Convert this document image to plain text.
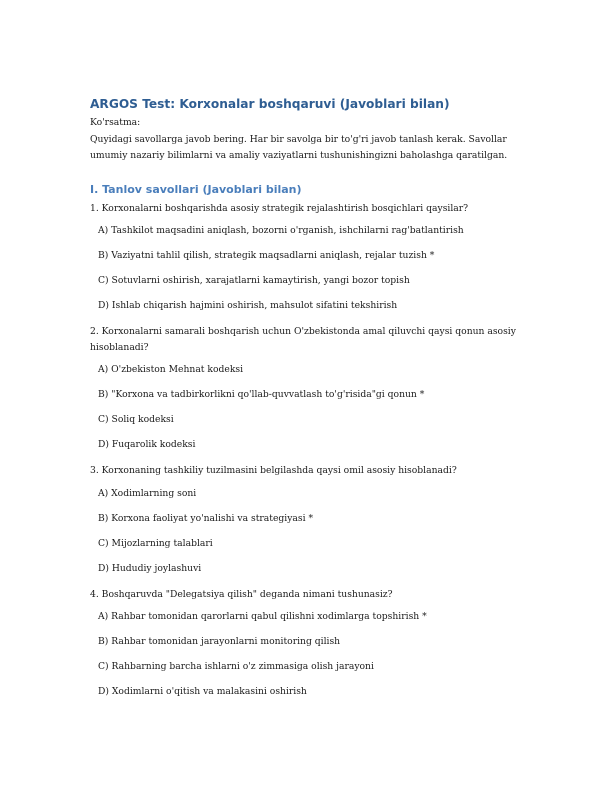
ARGOS Test: Korxonalar boshqaruvi (Javoblari bilan)
Ko'rsatma:
Quyidagi savollarga javob bering. Har bir savolga bir to'g'ri javob tanlash kerak. Savollar umumiy nazariy bilimlarni va amaliy vaziyatlarni tushunishingizni baholashga qaratilgan.
I. Tanlov savollari (Javoblari bilan)
1. Korxonalarni boshqarishda asosiy strategik rejalashtirish bosqichlari qaysilar?
A) Tashkilot maqsadini aniqlash, bozorni o'rganish, ishchilarni rag'batlantirish
B) Vaziyatni tahlil qilish, strategik maqsadlarni aniqlash, rejalar tuzish *
C) Sotuvlarni oshirish, xarajatlarni kamaytirish, yangi bozor topish
D) Ishlab chiqarish hajmini oshirish, mahsulot sifatini tekshirish
2. Korxonalarni samarali boshqarish uchun O'zbekistonda amal qiluvchi qaysi qonun asosiy hisoblanadi?
A) O'zbekiston Mehnat kodeksi
B) "Korxona va tadbirkorlikni qo'llab-quvvatlash to'g'risida"gi qonun *
C) Soliq kodeksi
D) Fuqarolik kodeksi
3. Korxonaning tashkiliy tuzilmasini belgilashda qaysi omil asosiy hisoblanadi?
A) Xodimlarning soni
B) Korxona faoliyat yo'nalishi va strategiyasi *
C) Mijozlarning talablari
D) Hududiy joylashuvi
4. Boshqaruvda "Delegatsiya qilish" deganda nimani tushunasiz?
A) Rahbar tomonidan qarorlarni qabul qilishni xodimlarga topshirish *
B) Rahbar tomonidan jarayonlarni monitoring qilish
C) Rahbarning barcha ishlarni o'z zimmasiga olish jarayoni
D) Xodimlarni o'qitish va malakasini oshirish
